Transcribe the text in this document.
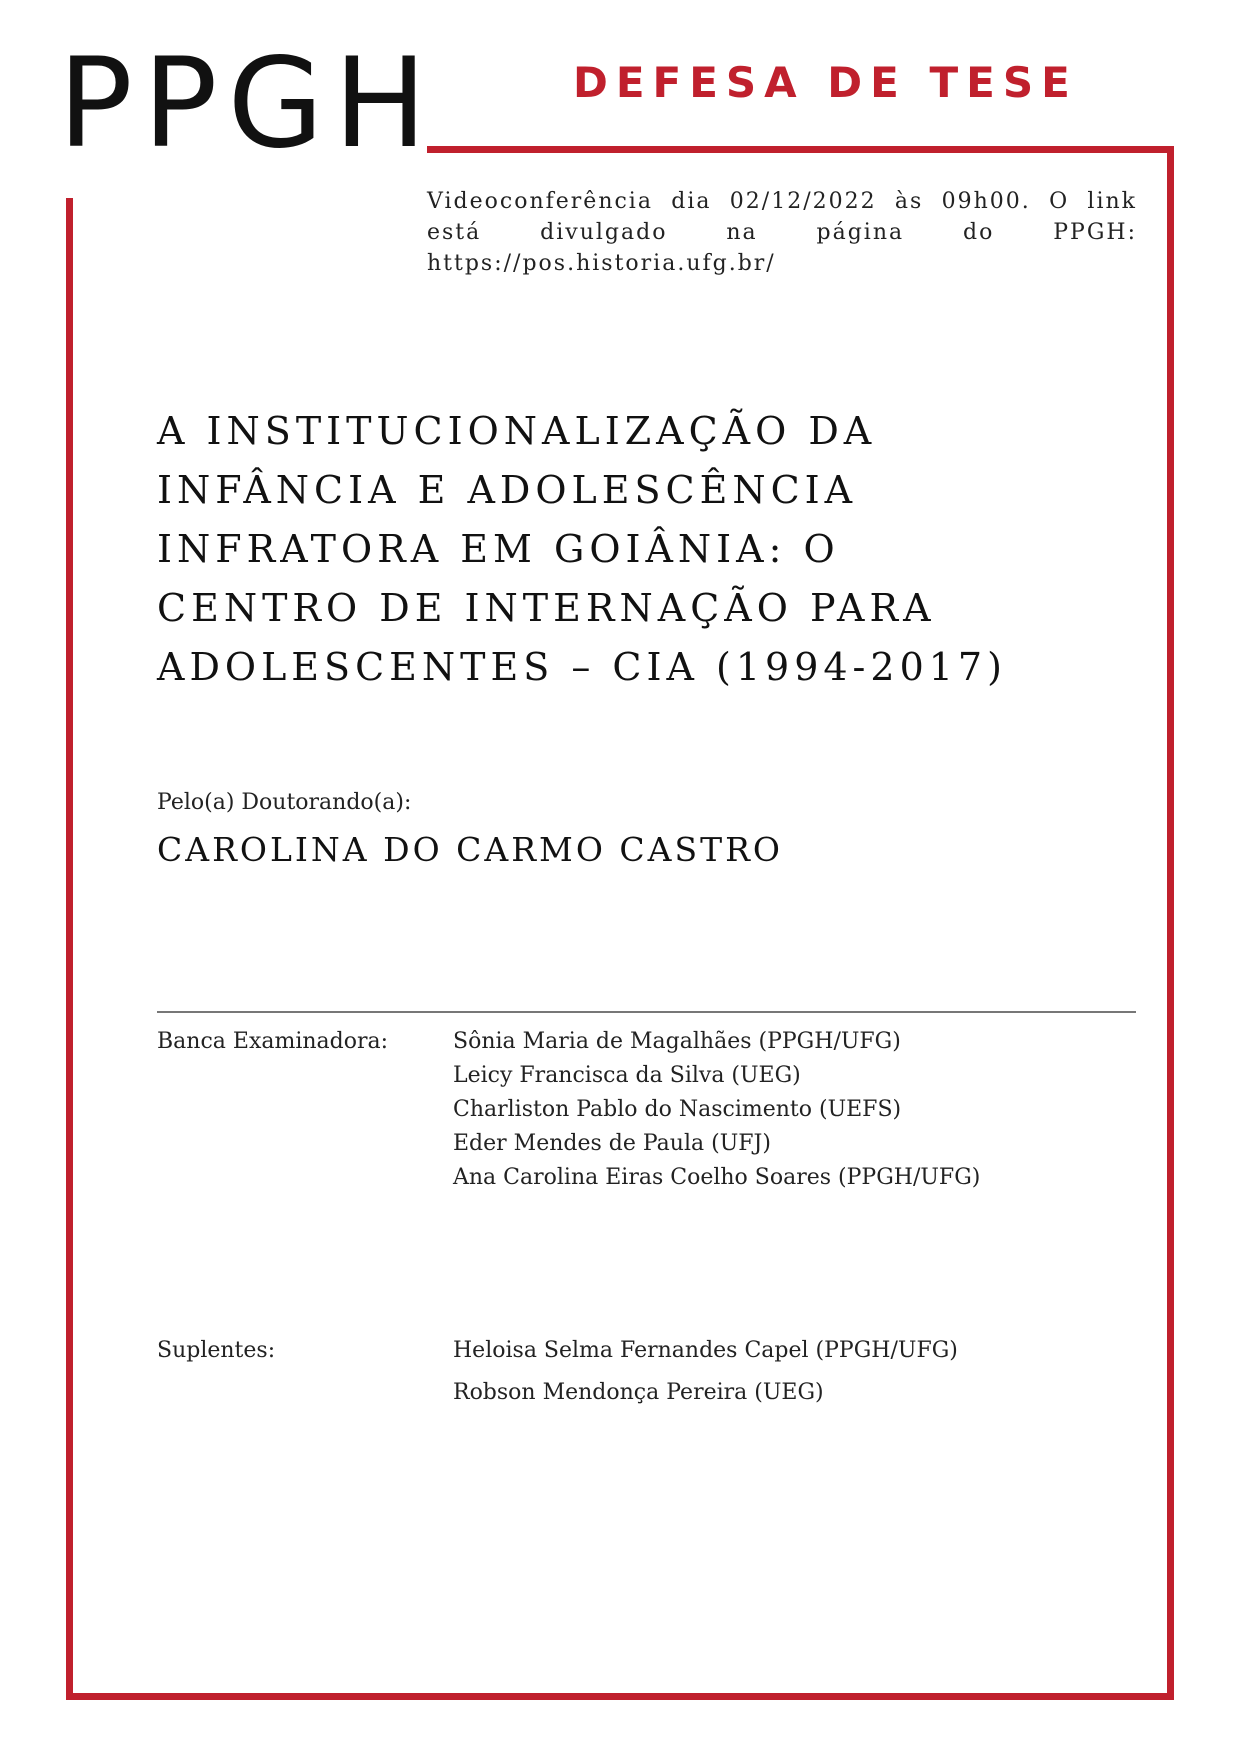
PPGH	DEFESA DE TESE
Videoconferência dia 02/12/2022 às 09h00. O link está divulgado na página do PPGH: https://pos.historia.ufg.br/
A INSTITUCIONALIZAÇÃO DA
INFÂNCIA E ADOLESCÊNCIA
INFRATORA EM GOIÂNIA: O
CENTRO DE INTERNAÇÃO PARA
ADOLESCENTES – CIA (1994-2017)
Pelo(a) Doutorando(a):
CAROLINA DO CARMO CASTRO
Banca Examinadora:	Sônia Maria de Magalhães (PPGH/UFG)
Leicy Francisca da Silva (UEG)
Charliston Pablo do Nascimento (UEFS)
Eder Mendes de Paula (UFJ)
Ana Carolina Eiras Coelho Soares (PPGH/UFG)
Suplentes:	Heloisa Selma Fernandes Capel (PPGH/UFG)
Robson Mendonça Pereira (UEG)
